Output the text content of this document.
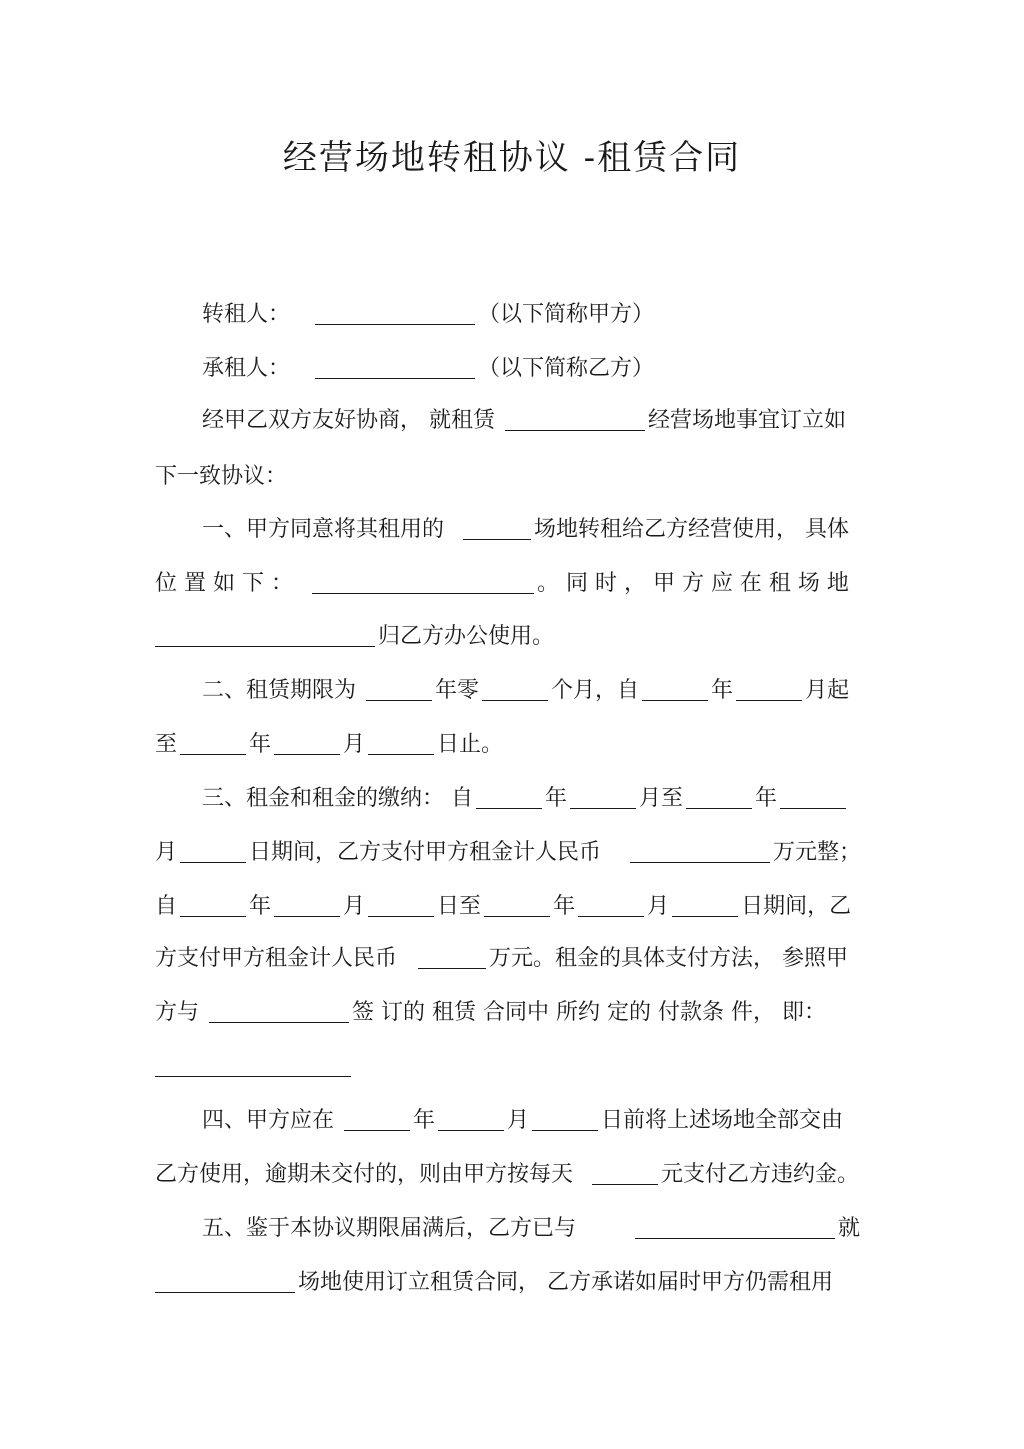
经营场地转租协议 -租赁合同
转租人：	（以下简称甲方）
承租人：	（以下简称乙方）
经甲乙双方友好协商， 就租赁	经营场地事宜订立如
下一致协议：
一、甲方同意将其租用的	场地转租给乙方经营使用， 具体
位 置 如 下 ：	。 同 时 ， 甲 方 应 在 租 场 地
归乙方办公使用。
二、租赁期限为	年零	个月，自	年	月起
至	年	月	日止。
三、租金和租金的缴纳： 自	年	月至	年
月	日期间，乙方支付甲方租金计人民币	万元整；
自	年	月	日至	年	月	日期间，乙
方支付甲方租金计人民币	万元。租金的具体支付方法， 参照甲
方与	签 订的 租赁 合同中 所约 定的 付款条 件， 即：
四、甲方应在	年	月	日前将上述场地全部交由
乙方使用，逾期未交付的，则由甲方按每天	元支付乙方违约金。
五、鉴于本协议期限届满后，乙方已与	就
场地使用订立租赁合同， 乙方承诺如届时甲方仍需租用
